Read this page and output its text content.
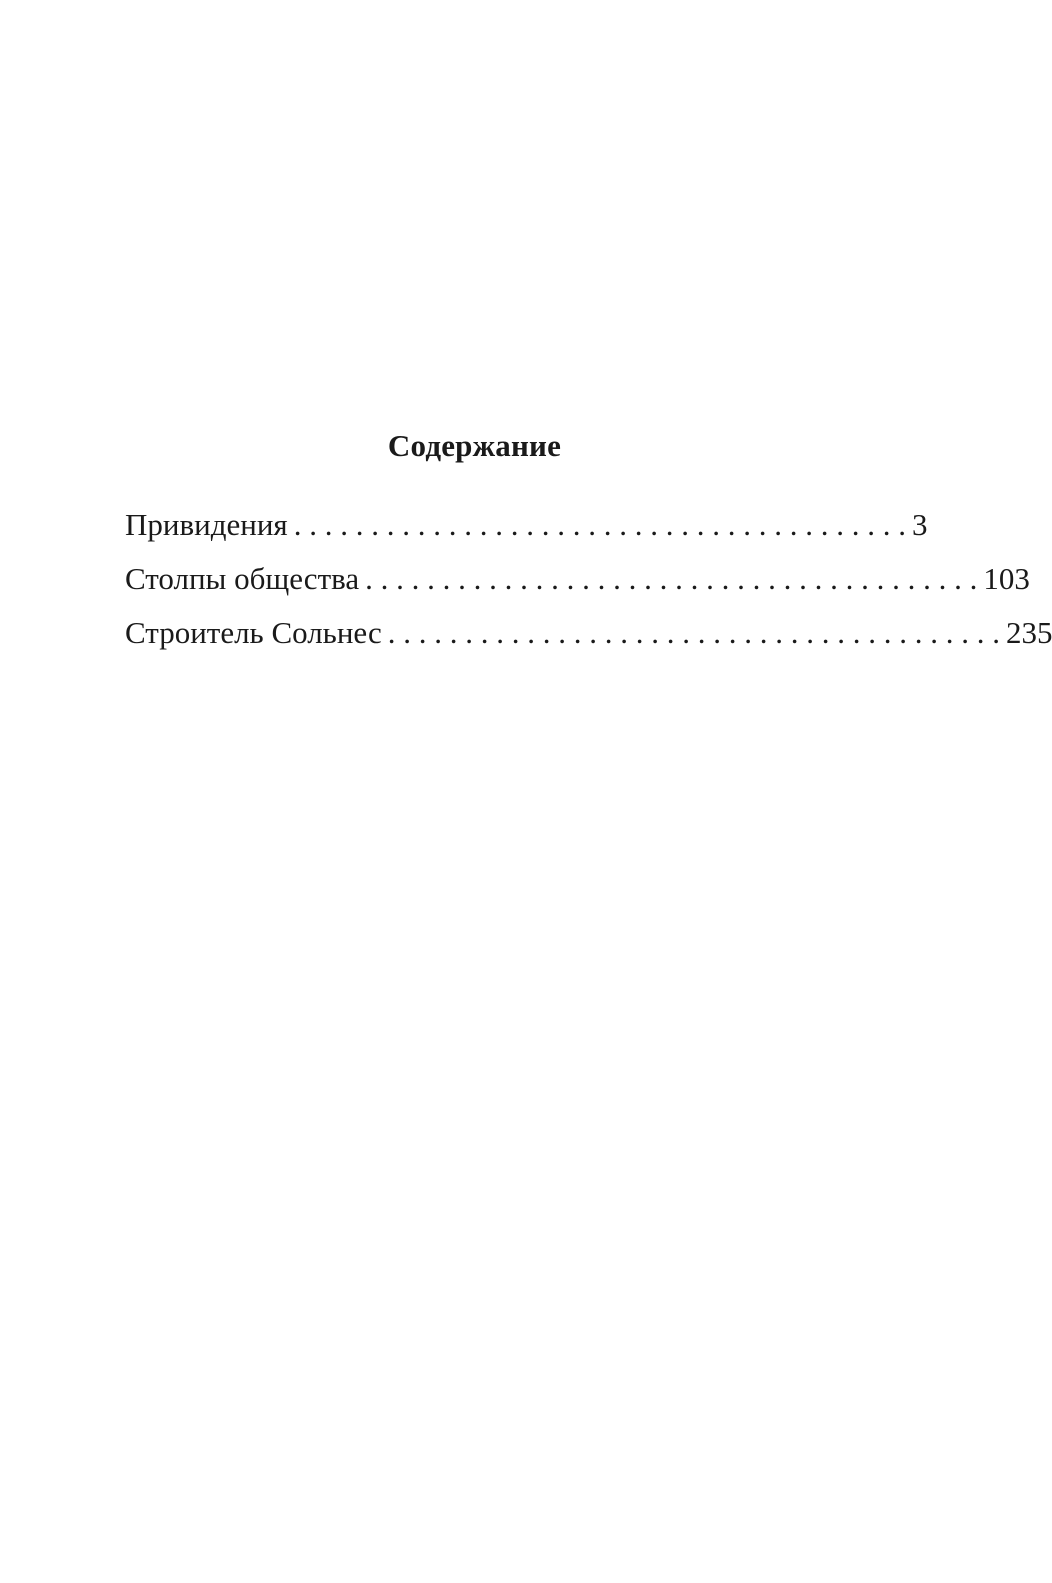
Содержание
Привидения . . . . . . . . . . . . . . . . . . . . . . . . . . . . . . . . . . . . . . . . 3
Столпы общества . . . . . . . . . . . . . . . . . . . . . . . . . . . . . . . . . . . . . . . . 103
Строитель Сольнес . . . . . . . . . . . . . . . . . . . . . . . . . . . . . . . . . . . . . . . . 235
